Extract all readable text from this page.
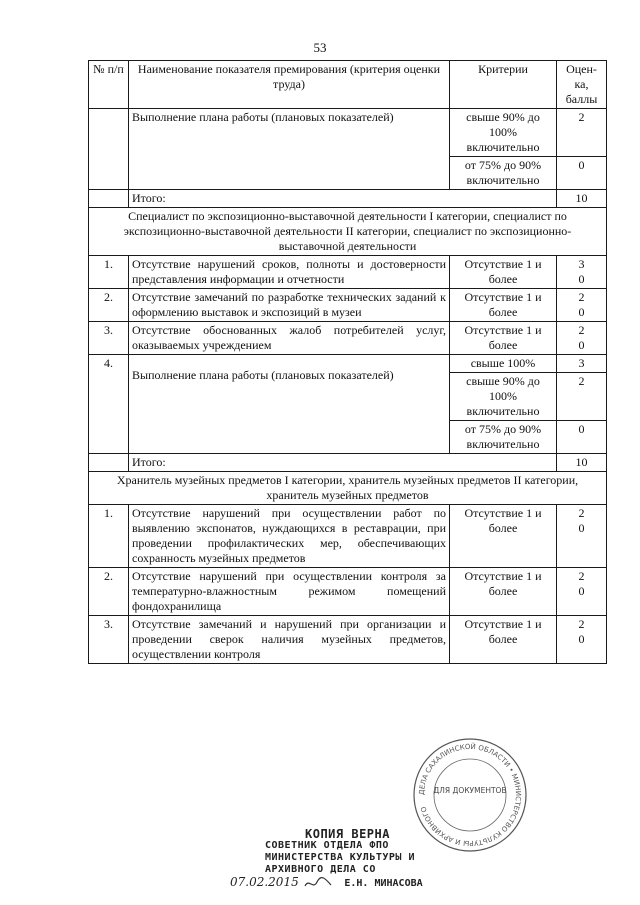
53
№ п/п	Наименование показателя премирования (критерия оценки труда)	Критерии	Оцен-ка, баллы
	Выполнение плана работы (плановых показателей)	свыше 90% до 100% включительно	2
		от 75% до 90% включительно	0
	Итого:		10
Специалист по экспозиционно-выставочной деятельности I категории, специалист по экспозиционно-выставочной деятельности II категории, специалист по экспозиционно-выставочной деятельности			
1.	Отсутствие нарушений сроков, полноты и достоверности представления информации и отчетности	Отсутствие 1 и более	3
0

2.	Отсутствие замечаний по разработке технических заданий к оформлению выставок и экспозиций в музеи	Отсутствие 1 и более	2
0

3.	Отсутствие обоснованных жалоб потребителей услуг, оказываемых учреждением	Отсутствие 1 и более	2
0

4.	Выполнение плана работы (плановых показателей)	свыше 100%	3
		свыше 90% до 100% включительно	2
		от 75% до 90% включительно	0
	Итого:		10
Хранитель музейных предметов I категории, хранитель музейных предметов II категории, хранитель музейных предметов			
1.	Отсутствие нарушений при осуществлении работ по выявлению экспонатов, нуждающихся в реставрации, при проведении профилактических мер, обеспечивающих сохранность музейных предметов	Отсутствие 1 и более	2
0

2.	Отсутствие нарушений при осуществлении контроля за температурно-влажностным режимом помещений фондохранилища	Отсутствие 1 и более	2
0

3.	Отсутствие замечаний и нарушений при организации и проведении сверок наличия музейных предметов, осуществлении контроля	Отсутствие 1 и более	2
0
ДЕЛА САХАЛИНСКОЙ ОБЛАСТИ • МИНИСТЕРСТВО КУЛЬТУРЫ И АРХИВНОГО
ДЛЯ ДОКУМЕНТОВ
КОПИЯ ВЕРНА
СОВЕТНИК ОТДЕЛА ФПО
МИНИСТЕРСТВА КУЛЬТУРЫ И
АРХИВНОГО ДЕЛА СО
07.02.2015	Е.Н. МИНАСОВА
